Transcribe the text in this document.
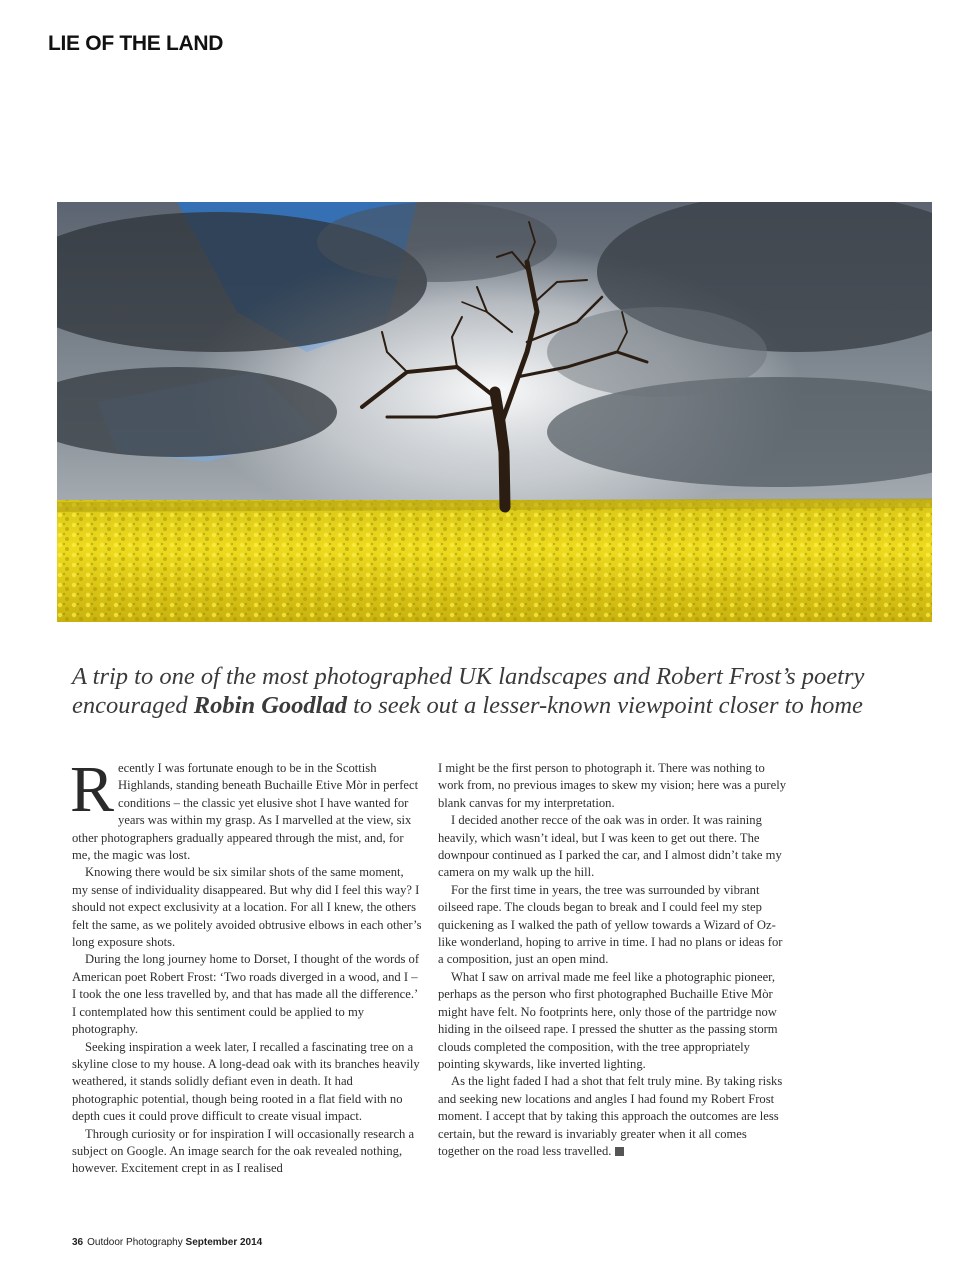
LIE OF THE LAND
A trip to one of the most photographed UK landscapes and Robert Frost’s poetry
encouraged Robin Goodlad to seek out a lesser-known viewpoint closer to home

Recently I was fortunate enough to be in the Scottish Highlands, standing beneath Buchaille Etive Mòr in perfect conditions – the classic yet elusive shot I have wanted for years was within my grasp. As I marvelled at the view, six other photographers gradually appeared through the mist, and, for me, the magic was lost.

Knowing there would be six similar shots of the same moment, my sense of individuality disappeared. But why did I feel this way? I should not expect exclusivity at a location. For all I knew, the others felt the same, as we politely avoided obtrusive elbows in each other’s long exposure shots.

During the long journey home to Dorset, I thought of the words of American poet Robert Frost: ‘Two roads diverged in a wood, and I – I took the one less travelled by, and that has made all the difference.’ I contemplated how this sentiment could be applied to my photography.

Seeking inspiration a week later, I recalled a fascinating tree on a skyline close to my house. A long-dead oak with its branches heavily weathered, it stands solidly defiant even in death. It had photographic potential, though being rooted in a flat field with no depth cues it could prove difficult to create visual impact.

Through curiosity or for inspiration I will occasionally research a subject on Google. An image search for the oak revealed nothing, however. Excitement crept in as I realised

I might be the first person to photograph it. There was nothing to work from, no previous images to skew my vision; here was a purely blank canvas for my interpretation.

I decided another recce of the oak was in order. It was raining heavily, which wasn’t ideal, but I was keen to get out there. The downpour continued as I parked the car, and I almost didn’t take my camera on my walk up the hill.

For the first time in years, the tree was surrounded by vibrant oilseed rape. The clouds began to break and I could feel my step quickening as I walked the path of yellow towards a Wizard of Oz-like wonderland, hoping to arrive in time. I had no plans or ideas for a composition, just an open mind.

What I saw on arrival made me feel like a photographic pioneer, perhaps as the person who first photographed Buchaille Etive Mòr might have felt. No footprints here, only those of the partridge now hiding in the oilseed rape. I pressed the shutter as the passing storm clouds completed the composition, with the tree appropriately pointing skywards, like inverted lighting.

As the light faded I had a shot that felt truly mine. By taking risks and seeking new locations and angles I had found my Robert Frost moment. I accept that by taking this approach the outcomes are less certain, but the reward is invariably greater when it all comes together on the road less travelled.

36 Outdoor Photography September 2014
